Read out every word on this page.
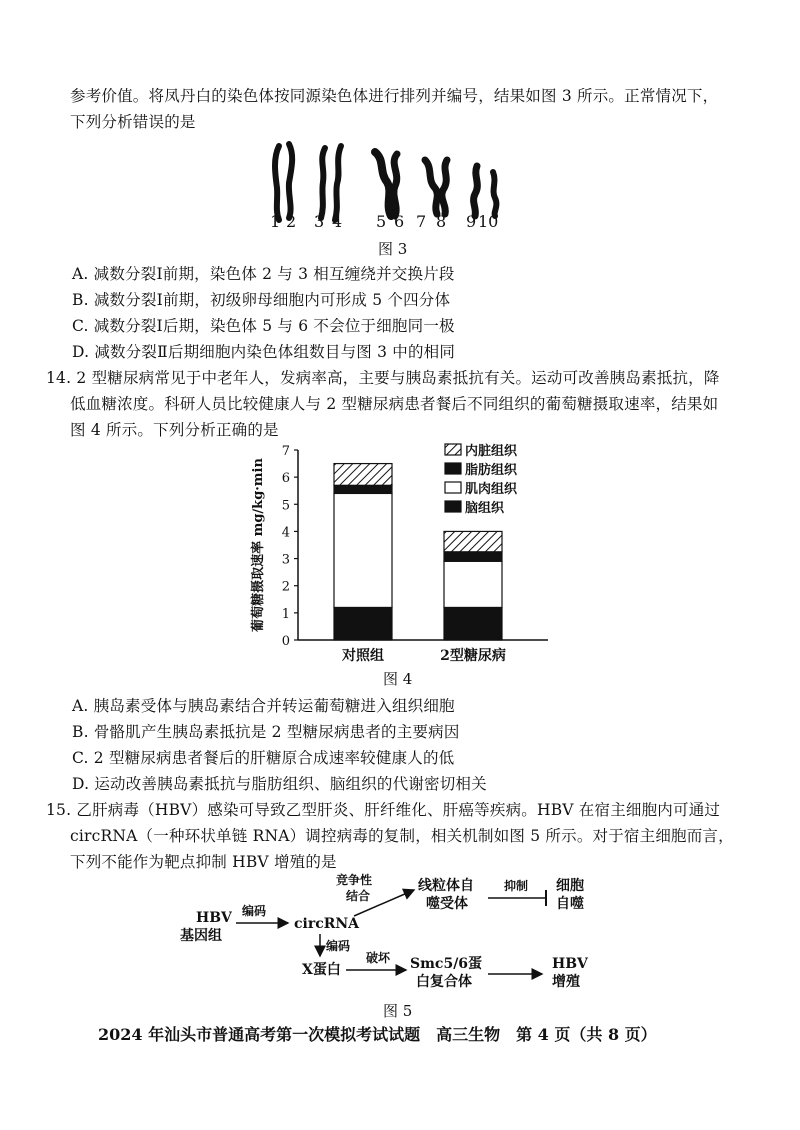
参考价值。将凤丹白的染色体按同源染色体进行排列并编号，结果如图 3 所示。正常情况下，
下列分析错误的是
1 2 3 4 5 6 7 8 9 10
图 3
A. 减数分裂Ⅰ前期，染色体 2 与 3 相互缠绕并交换片段
B. 减数分裂Ⅰ前期，初级卵母细胞内可形成 5 个四分体
C. 减数分裂Ⅰ后期，染色体 5 与 6 不会位于细胞同一极
D. 减数分裂Ⅱ后期细胞内染色体组数目与图 3 中的相同
14. 2 型糖尿病常见于中老年人，发病率高，主要与胰岛素抵抗有关。运动可改善胰岛素抵抗，降
低血糖浓度。科研人员比较健康人与 2 型糖尿病患者餐后不同组织的葡萄糖摄取速率，结果如
图 4 所示。下列分析正确的是
0
1
2
3
4
5
6
7
葡萄糖摄取速率 mg/kg·min
对照组	2型糖尿病
内脏组织
脂肪组织
肌肉组织
脑组织
图 4
A. 胰岛素受体与胰岛素结合并转运葡萄糖进入组织细胞
B. 骨骼肌产生胰岛素抵抗是 2 型糖尿病患者的主要病因
C. 2 型糖尿病患者餐后的肝糖原合成速率较健康人的低
D. 运动改善胰岛素抵抗与脂肪组织、脑组织的代谢密切相关
15. 乙肝病毒（HBV）感染可导致乙型肝炎、肝纤维化、肝癌等疾病。HBV 在宿主细胞内可通过
circRNA（一种环状单链 RNA）调控病毒的复制，相关机制如图 5 所示。对于宿主细胞而言，
下列不能作为靶点抑制 HBV 增殖的是
HBV
基因组
编码
circRNA
竞争性
结合
线粒体自
噬受体
抑制 细胞
自噬
编码
X蛋白
破坏 Smc5/6蛋
白复合体
HBV
增殖
图 5
2024 年汕头市普通高考第一次模拟考试试题　高三生物　第 4 页（共 8 页）
